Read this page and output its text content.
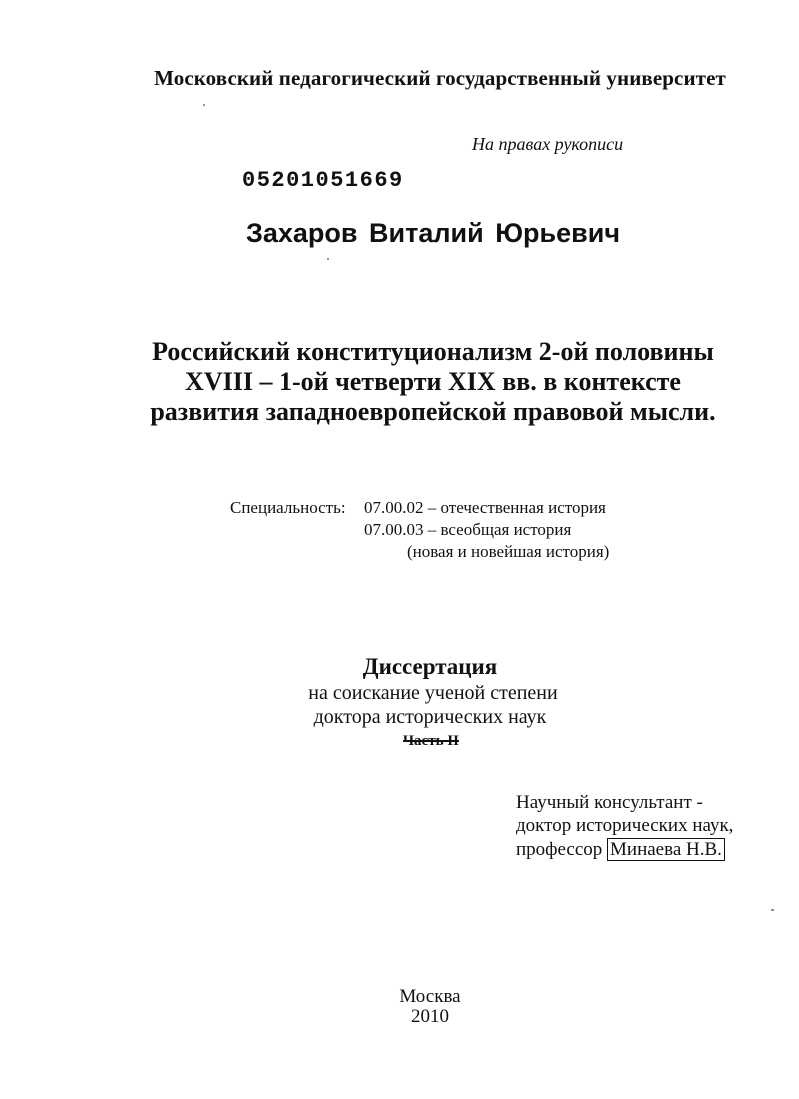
Московский педагогический государственный университет
На правах рукописи
05201051669
Захаров Виталий Юрьевич
Российский конституционализм 2-ой половины
XVIII – 1-ой четверти XIX вв. в контексте
развития западноевропейской правовой мысли.
Специальность: 07.00.02 – отечественная история
07.00.03 – всеобщая история
(новая и новейшая история)
Диссертация
на соискание ученой степени
доктора исторических наук
Часть II
Научный консультант -
доктор исторических наук,
профессор Минаева Н.В.
Москва
2010
